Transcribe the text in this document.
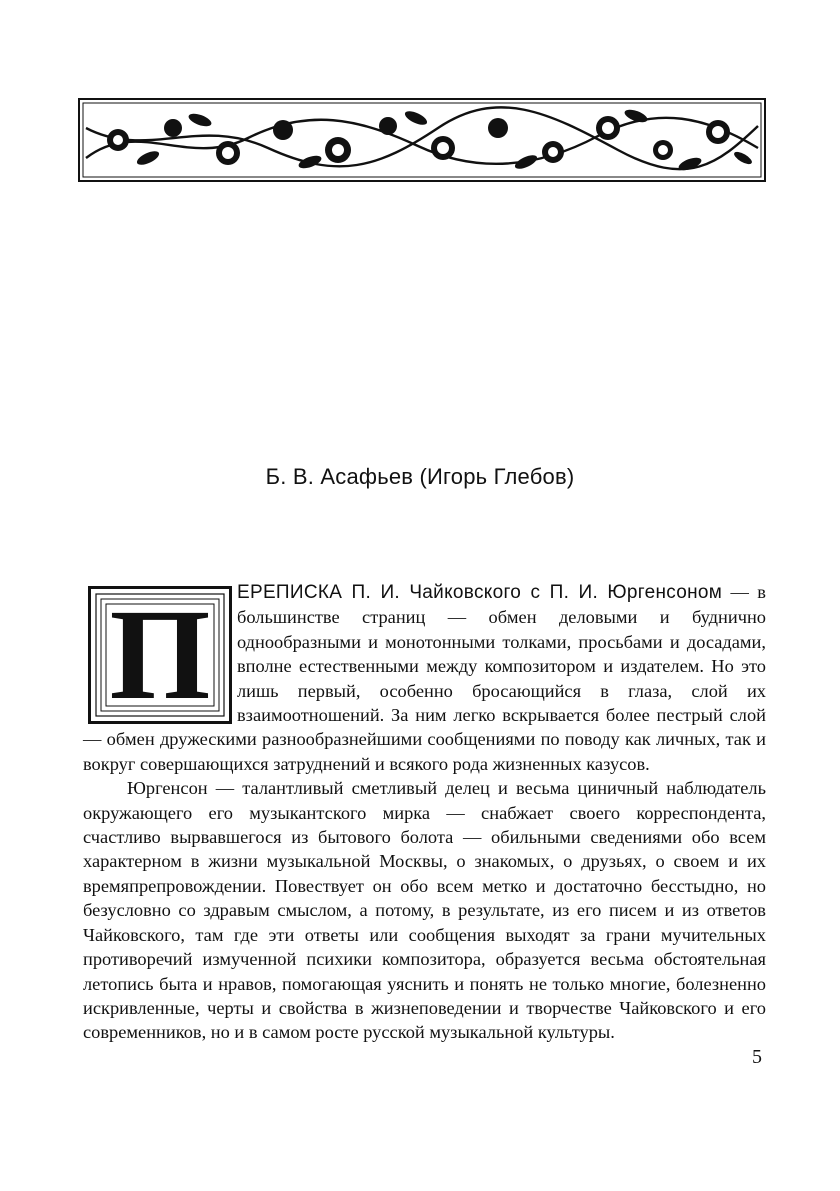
Б. В. Асафьев (Игорь Глебов)
П	ЕРЕПИСКА П. И. Чайковского с П. И. Юргенсоном — в большинстве страниц — обмен деловыми и будничнo однообразными и монотонными толками, просьбами и досадами, вполне естественными между композитором и издателем. Но это лишь первый, особенно бросающийся в глаза, слой их взаимоотношений. За ним легко вскрывается более пестрый слой — обмен дружескими разнообразнейшими сообщениями по поводу как личных, так и вокруг совершающихся затруднений и всякого рода жизненных казусов.

Юргенсон — талантливый сметливый делец и весьма циничный наблюдатель окружающего его музыкантского мирка — снабжает своего корреспондента, счастливо вырвавшегося из бытового болота — обильными сведениями обо всем характерном в жизни музыкальной Москвы, о знакомых, о друзьях, о своем и их времяпрепровождении. Повествует он обо всем метко и достаточно бесстыдно, но безусловно со здравым смыслом, а потому, в результате, из его писем и из ответов Чайковского, там где эти ответы или сообщения выходят за грани мучительных противоречий измученной психики композитора, образуется весьма обстоятельная летопись быта и нравов, помогающая уяснить и понять не только многие, болезненно искривленные, черты и свойства в жизнеповедении и творчестве Чайковского и его современников, но и в самом росте русской музыкальной культуры.

5
